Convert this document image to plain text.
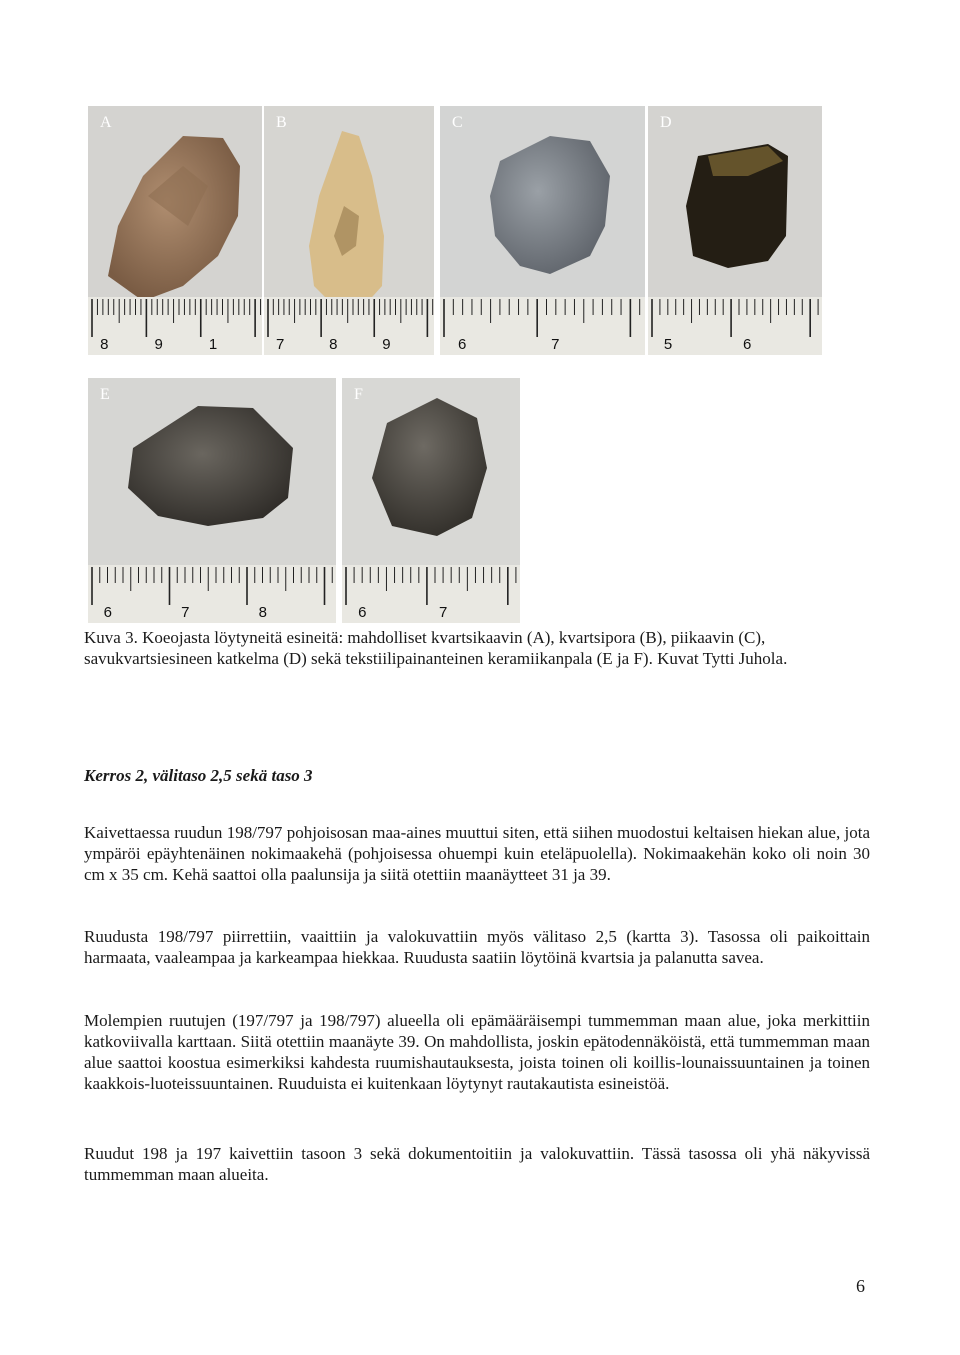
A
8	9	1
B
7	8	9
C
6	7
D
5	6
E
6	7	8
F
6	7
Kuva 3. Koeojasta löytyneitä esineitä: mahdolliset kvartsikaavin (A), kvartsipora (B), piikaavin (C), savukvartsiesineen katkelma (D) sekä tekstiilipainanteinen keramiikanpala (E ja F). Kuvat Tytti Juhola.
Kerros 2, välitaso 2,5 sekä taso 3

Kaivettaessa ruudun 198/797 pohjoisosan maa-aines muuttui siten, että siihen muodostui keltaisen hiekan alue, jota ympäröi epäyhtenäinen nokimaakehä (pohjoisessa ohuempi kuin eteläpuolella). Nokimaakehän koko oli noin 30 cm x 35 cm. Kehä saattoi olla paalunsija ja siitä otettiin maanäytteet 31 ja 39.

Ruudusta 198/797 piirrettiin, vaaittiin ja valokuvattiin myös välitaso 2,5 (kartta 3). Tasossa oli paikoittain harmaata, vaaleampaa ja karkeampaa hiekkaa. Ruudusta saatiin löytöinä kvartsia ja palanutta savea.

Molempien ruutujen (197/797 ja 198/797) alueella oli epämääräisempi tummemman maan alue, joka merkittiin katkoviivalla karttaan. Siitä otettiin maanäyte 39. On mahdollista, joskin epätodennäköistä, että tummemman maan alue saattoi koostua esimerkiksi kahdesta ruumishautauksesta, joista toinen oli koillis-lounaissuuntainen ja toinen kaakkois-luoteissuuntainen. Ruuduista ei kuitenkaan löytynyt rautakautista esineistöä.

Ruudut 198 ja 197 kaivettiin tasoon 3 sekä dokumentoitiin ja valokuvattiin. Tässä tasossa oli yhä näkyvissä tummemman maan alueita.

6
